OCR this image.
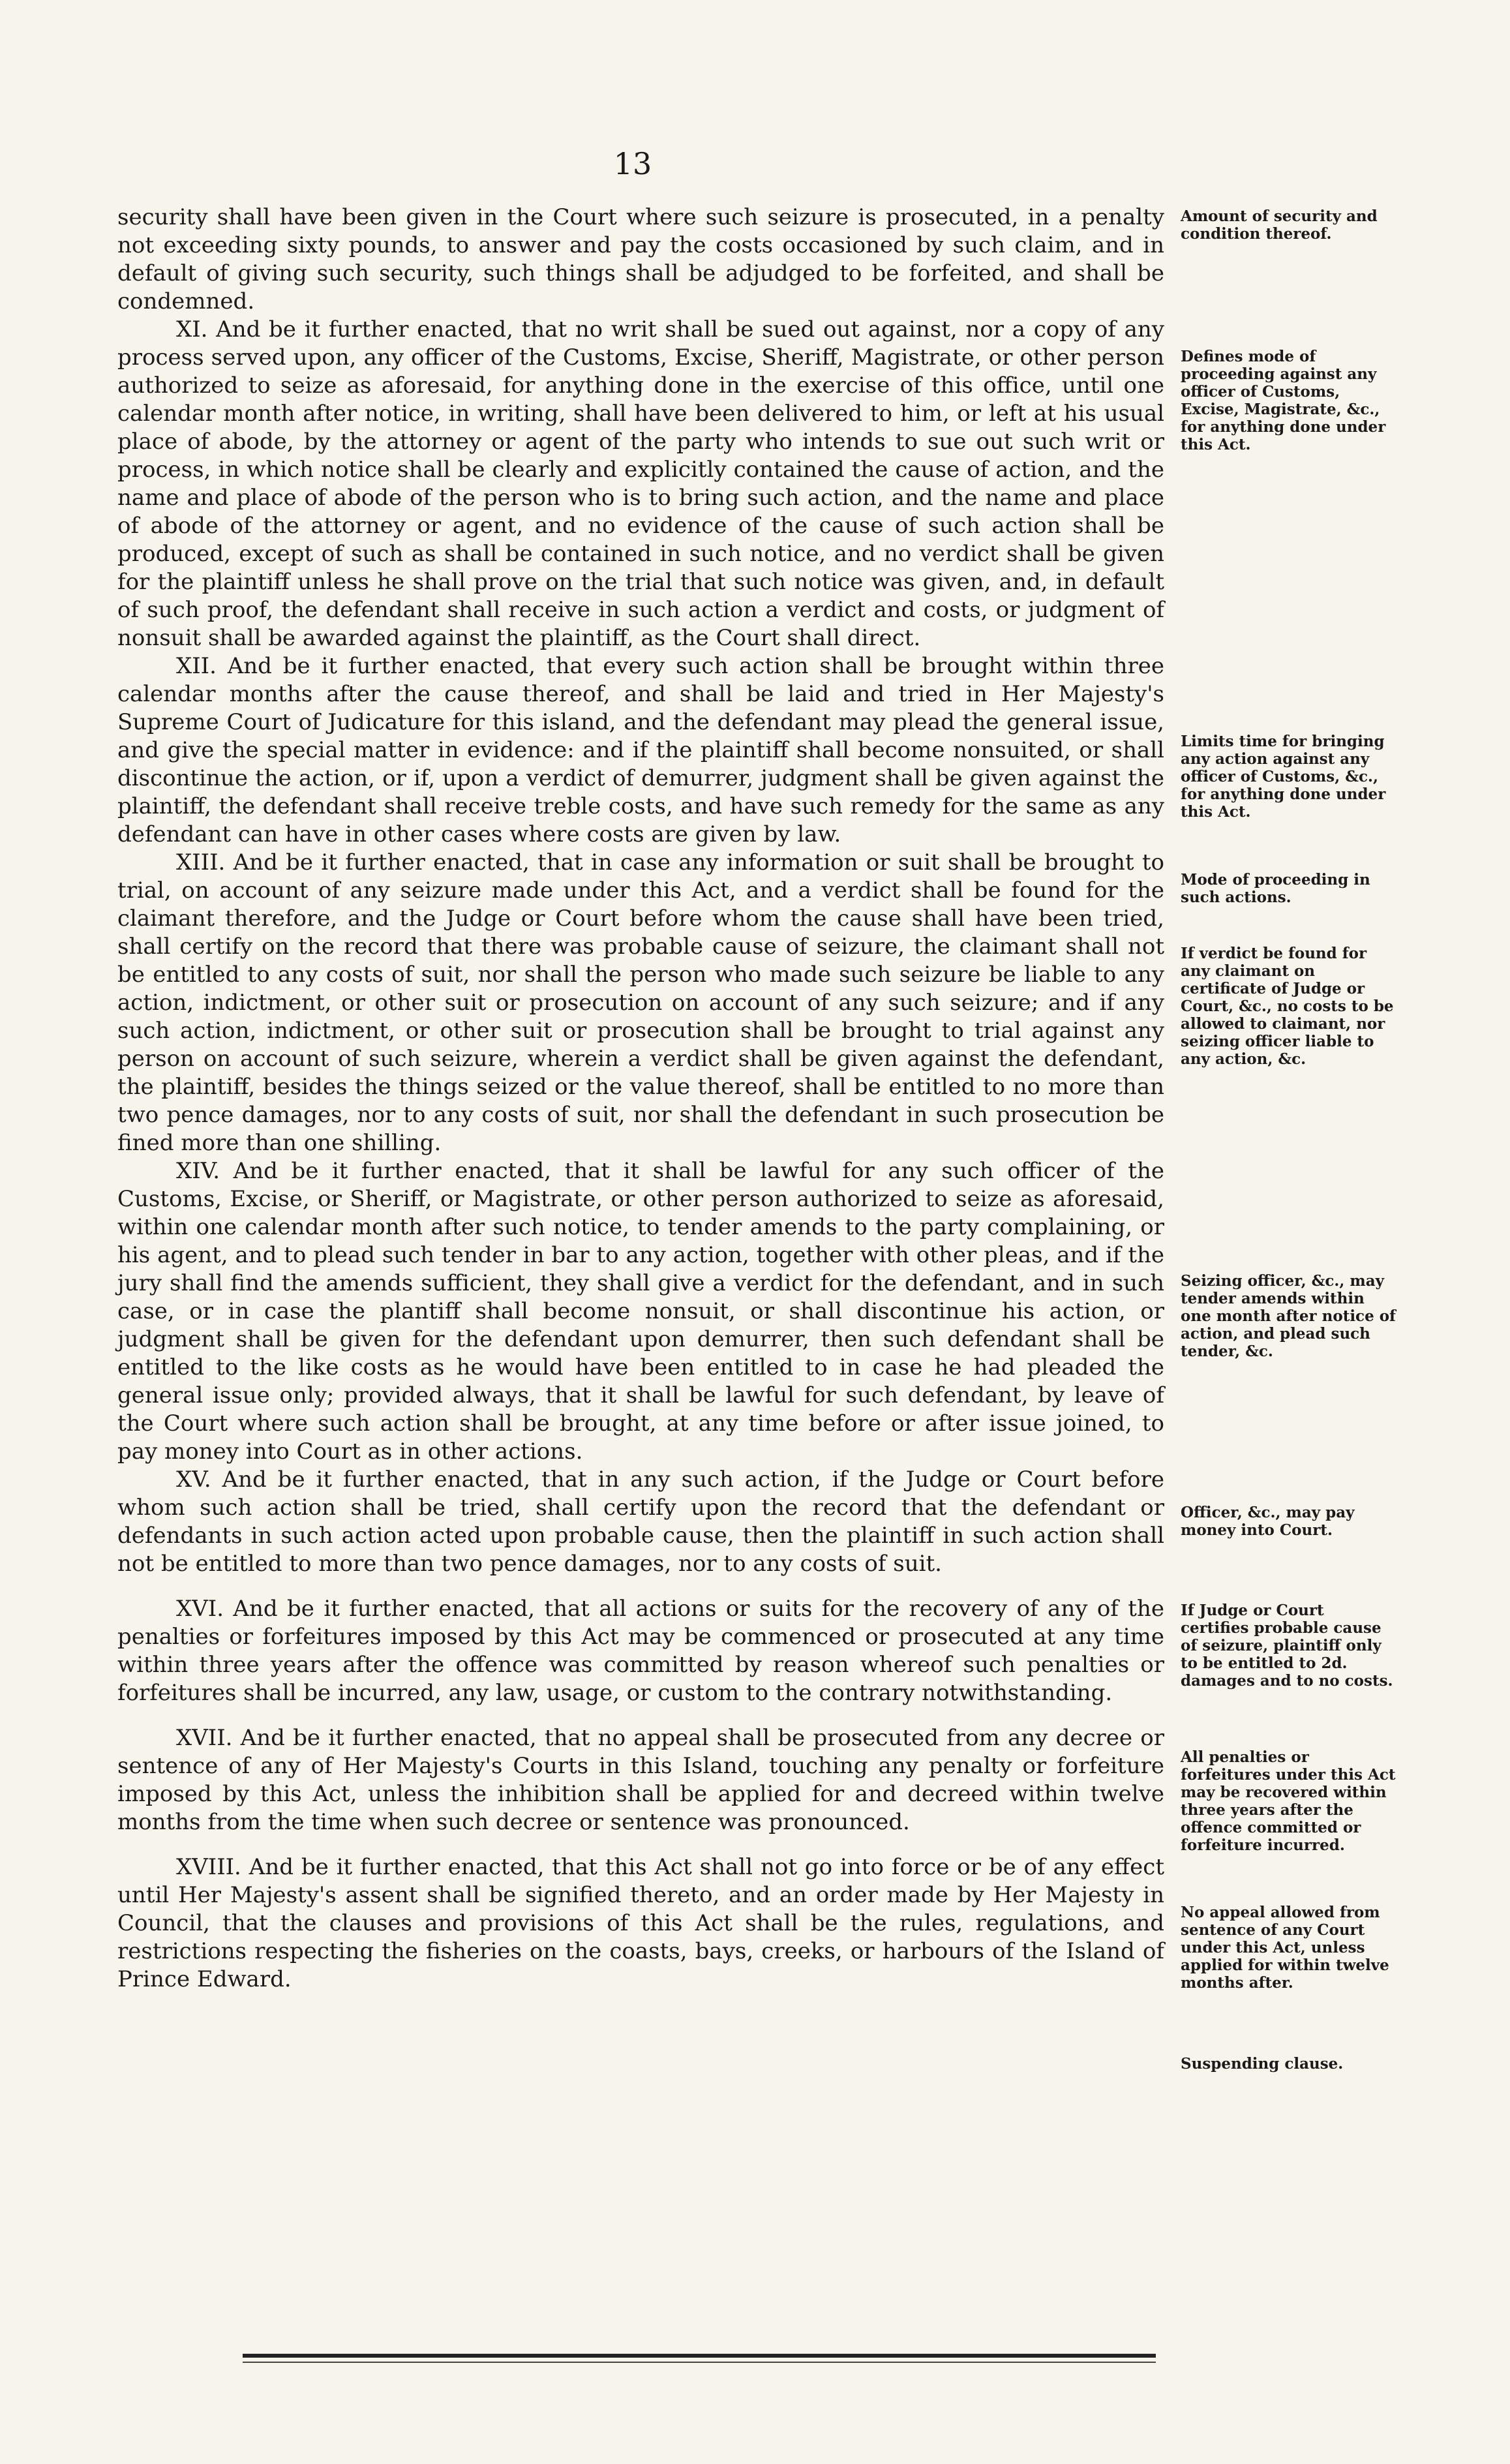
13

security shall have been given in the Court where such seizure is prosecuted, in a penalty not exceeding sixty pounds, to answer and pay the costs occasioned by such claim, and in default of giving such security, such things shall be adjudged to be forfeited, and shall be condemned.

XI. And be it further enacted, that no writ shall be sued out against, nor a copy of any process served upon, any officer of the Customs, Excise, Sheriff, Magistrate, or other person authorized to seize as aforesaid, for anything done in the exercise of this office, until one calendar month after notice, in writing, shall have been delivered to him, or left at his usual place of abode, by the attorney or agent of the party who intends to sue out such writ or process, in which notice shall be clearly and explicitly contained the cause of action, and the name and place of abode of the person who is to bring such action, and the name and place of abode of the attorney or agent, and no evidence of the cause of such action shall be produced, except of such as shall be contained in such notice, and no verdict shall be given for the plaintiff unless he shall prove on the trial that such notice was given, and, in default of such proof, the defendant shall receive in such action a verdict and costs, or judgment of nonsuit shall be awarded against the plaintiff, as the Court shall direct.

XII. And be it further enacted, that every such action shall be brought within three calendar months after the cause thereof, and shall be laid and tried in Her Majesty's Supreme Court of Judicature for this island, and the defendant may plead the general issue, and give the special matter in evidence: and if the plaintiff shall become nonsuited, or shall discontinue the action, or if, upon a verdict of demurrer, judgment shall be given against the plaintiff, the defendant shall receive treble costs, and have such remedy for the same as any defendant can have in other cases where costs are given by law.

XIII. And be it further enacted, that in case any information or suit shall be brought to trial, on account of any seizure made under this Act, and a verdict shall be found for the claimant therefore, and the Judge or Court before whom the cause shall have been tried, shall certify on the record that there was probable cause of seizure, the claimant shall not be entitled to any costs of suit, nor shall the person who made such seizure be liable to any action, indictment, or other suit or prosecution on account of any such seizure; and if any such action, indictment, or other suit or prosecution shall be brought to trial against any person on account of such seizure, wherein a verdict shall be given against the defendant, the plaintiff, besides the things seized or the value thereof, shall be entitled to no more than two pence damages, nor to any costs of suit, nor shall the defendant in such prosecution be fined more than one shilling.

XIV. And be it further enacted, that it shall be lawful for any such officer of the Customs, Excise, or Sheriff, or Magistrate, or other person authorized to seize as aforesaid, within one calendar month after such notice, to tender amends to the party complaining, or his agent, and to plead such tender in bar to any action, together with other pleas, and if the jury shall find the amends sufficient, they shall give a verdict for the defendant, and in such case, or in case the plantiff shall become nonsuit, or shall discontinue his action, or judgment shall be given for the defendant upon demurrer, then such defendant shall be entitled to the like costs as he would have been entitled to in case he had pleaded the general issue only; provided always, that it shall be lawful for such defendant, by leave of the Court where such action shall be brought, at any time before or after issue joined, to pay money into Court as in other actions.

XV. And be it further enacted, that in any such action, if the Judge or Court before whom such action shall be tried, shall certify upon the record that the defendant or defendants in such action acted upon probable cause, then the plaintiff in such action shall not be entitled to more than two pence damages, nor to any costs of suit.

XVI. And be it further enacted, that all actions or suits for the recovery of any of the penalties or forfeitures imposed by this Act may be commenced or prosecuted at any time within three years after the offence was committed by reason whereof such penalties or forfeitures shall be incurred, any law, usage, or custom to the contrary notwithstanding.

XVII. And be it further enacted, that no appeal shall be prosecuted from any decree or sentence of any of Her Majesty's Courts in this Island, touching any penalty or forfeiture imposed by this Act, unless the inhibition shall be applied for and decreed within twelve months from the time when such decree or sentence was pronounced.

XVIII. And be it further enacted, that this Act shall not go into force or be of any effect until Her Majesty's assent shall be signified thereto, and an order made by Her Majesty in Council, that the clauses and provisions of this Act shall be the rules, regulations, and restrictions respecting the fisheries on the coasts, bays, creeks, or harbours of the Island of Prince Edward.

Amount of security and condition thereof.
Defines mode of proceeding against any officer of Customs, Excise, Magistrate, &c., for anything done under this Act.
Limits time for bringing any action against any officer of Customs, &c., for anything done under this Act.
Mode of proceeding in such actions.
If verdict be found for any claimant on certificate of Judge or Court, &c., no costs to be allowed to claimant, nor seizing officer liable to any action, &c.
Seizing officer, &c., may tender amends within one month after notice of action, and plead such tender, &c.
Officer, &c., may pay money into Court.
If Judge or Court certifies probable cause of seizure, plaintiff only to be entitled to 2d. damages and to no costs.
All penalties or forfeitures under this Act may be recovered within three years after the offence committed or forfeiture incurred.
No appeal allowed from sentence of any Court under this Act, unless applied for within twelve months after.
Suspending clause.
